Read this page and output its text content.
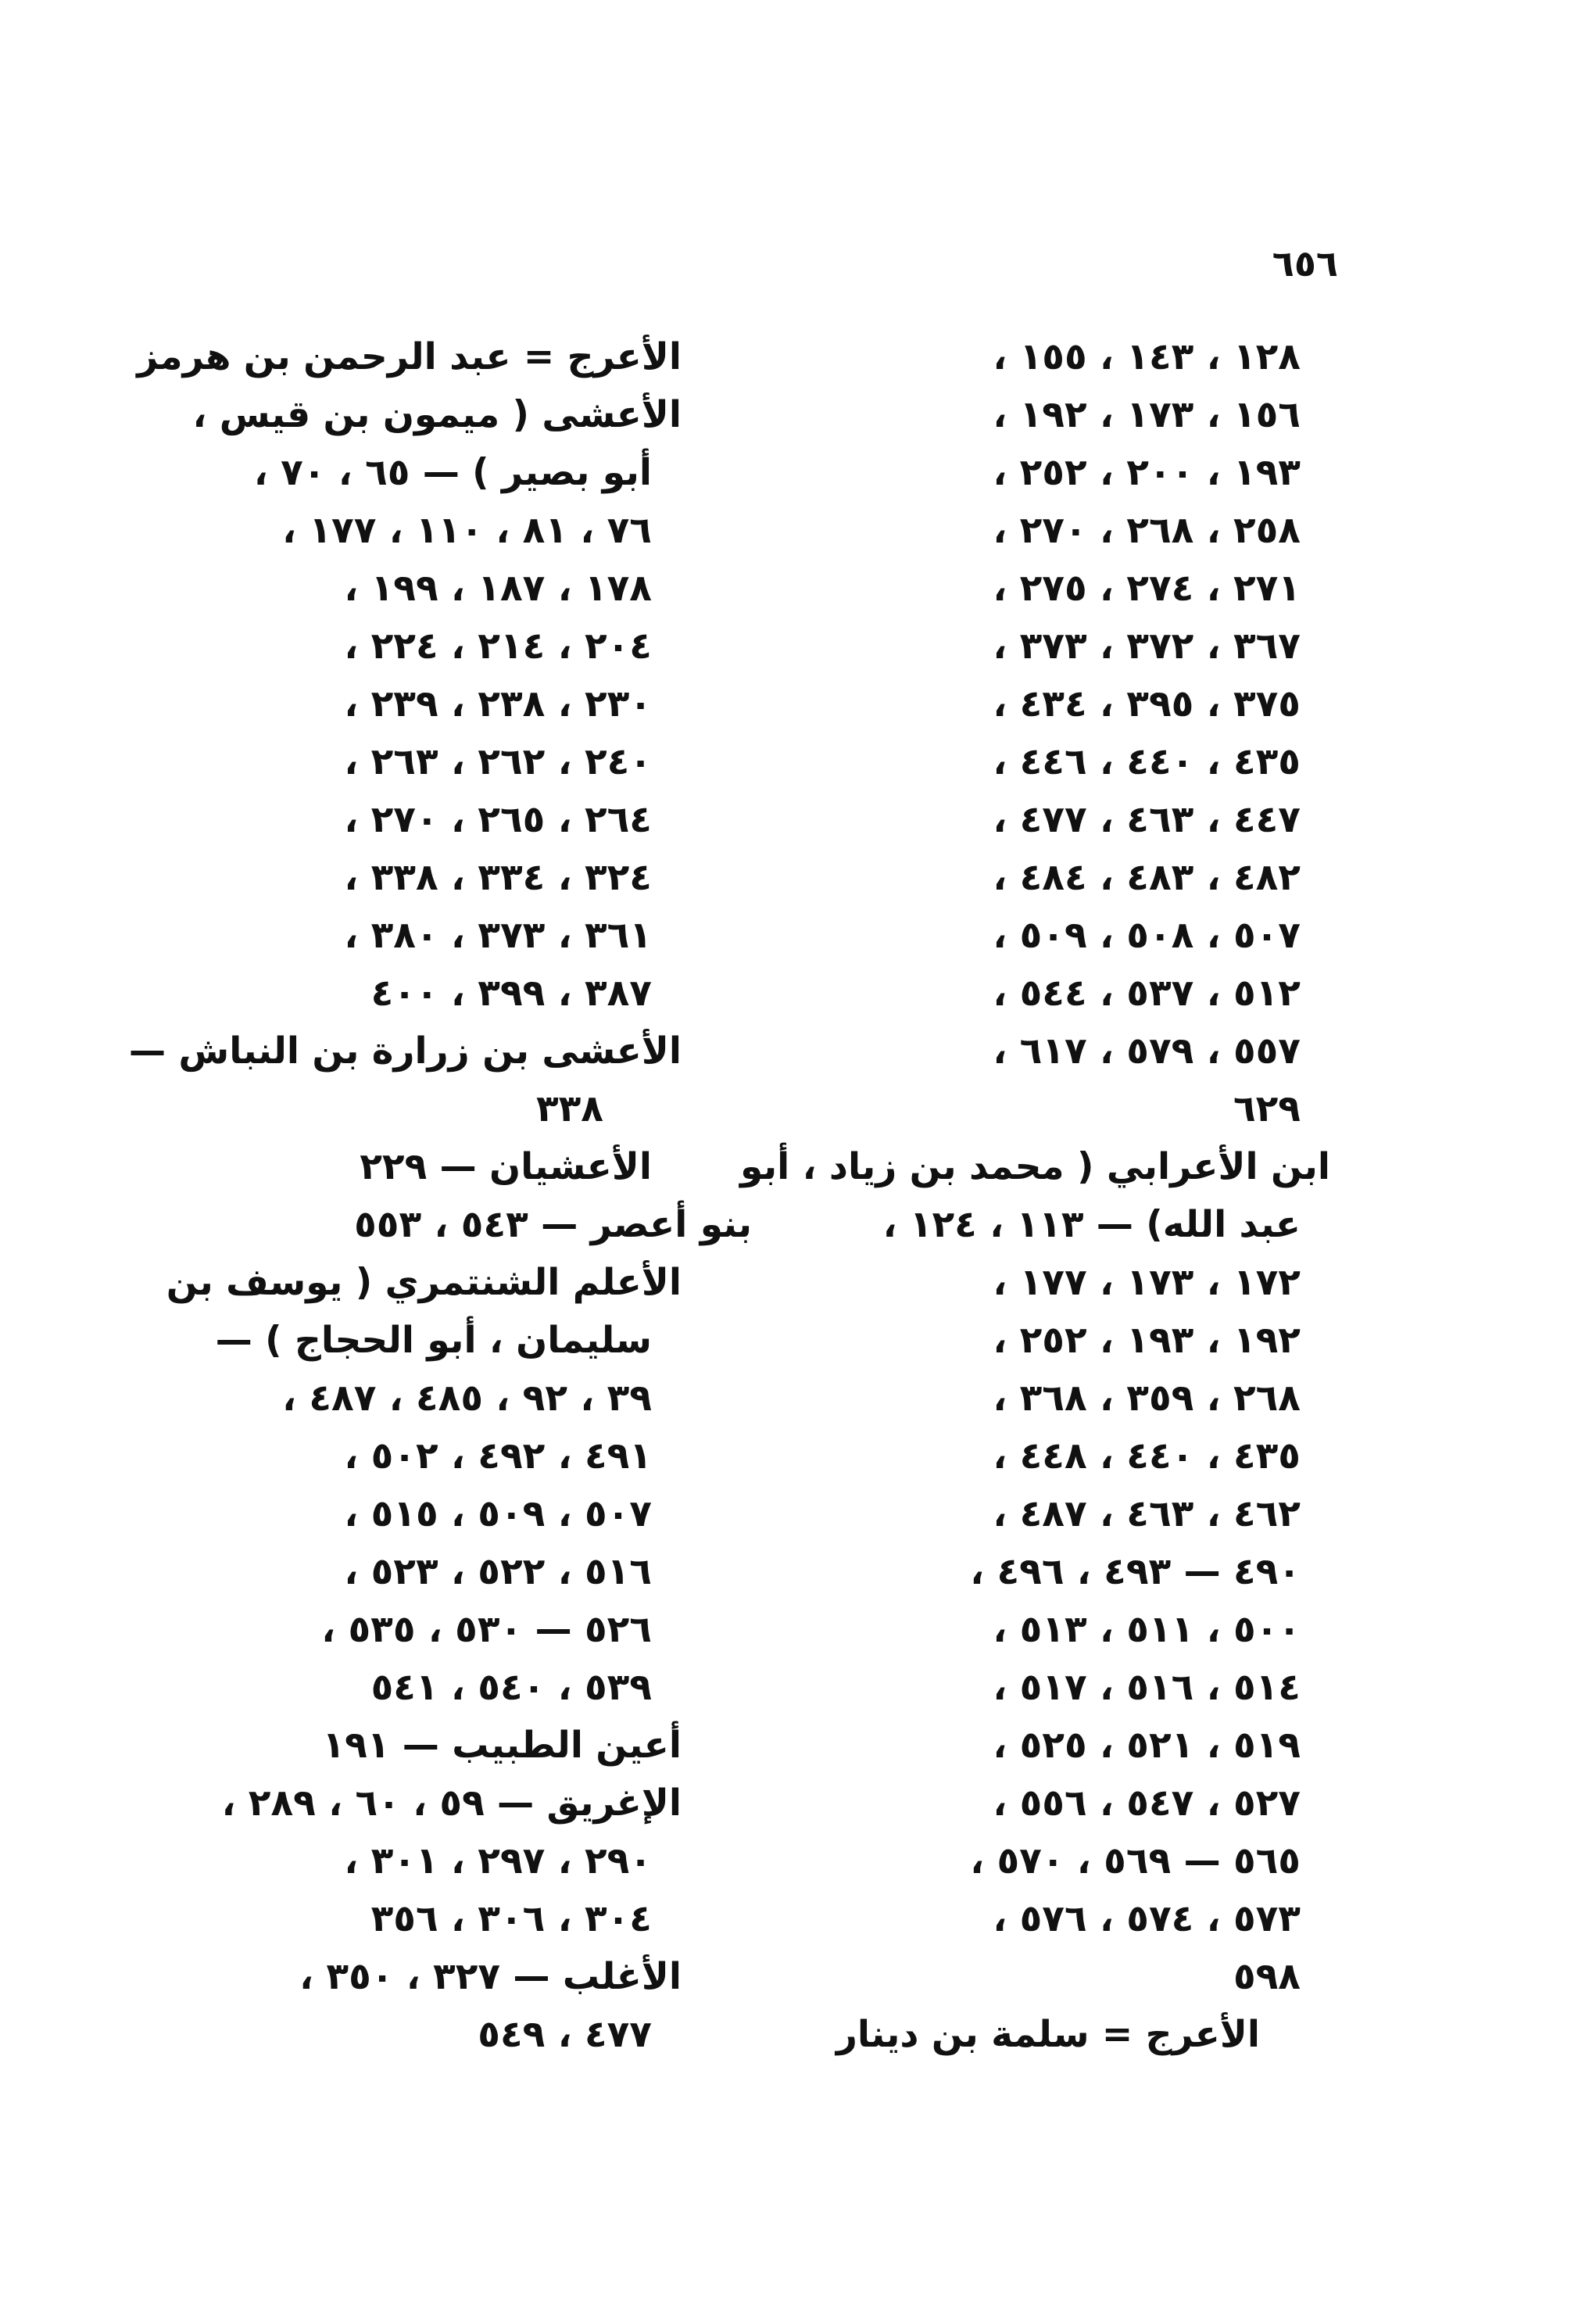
٦٥٦
١٢٨ ، ١٤٣ ، ١٥٥ ،
١٥٦ ، ١٧٣ ، ١٩٢ ،
١٩٣ ، ٢٠٠ ، ٢٥٢ ،
٢٥٨ ، ٢٦٨ ، ٢٧٠ ،
٢٧١ ، ٢٧٤ ، ٢٧٥ ،
٣٦٧ ، ٣٧٢ ، ٣٧٣ ،
٣٧٥ ، ٣٩٥ ، ٤٣٤ ،
٤٣٥ ، ٤٤٠ ، ٤٤٦ ،
٤٤٧ ، ٤٦٣ ، ٤٧٧ ،
٤٨٢ ، ٤٨٣ ، ٤٨٤ ،
٥٠٧ ، ٥٠٨ ، ٥٠٩ ،
٥١٢ ، ٥٣٧ ، ٥٤٤ ،
٥٥٧ ، ٥٧٩ ، ٦١٧ ،
٦٢٩
ابن الأعرابي ( محمد بن زياد ، أبو
عبد الله) — ١١٣ ، ١٢٤ ،
١٧٢ ، ١٧٣ ، ١٧٧ ،
١٩٢ ، ١٩٣ ، ٢٥٢ ،
٢٦٨ ، ٣٥٩ ، ٣٦٨ ،
٤٣٥ ، ٤٤٠ ، ٤٤٨ ،
٤٦٢ ، ٤٦٣ ، ٤٨٧ ،
٤٩٠ — ٤٩٣ ، ٤٩٦ ،
٥٠٠ ، ٥١١ ، ٥١٣ ،
٥١٤ ، ٥١٦ ، ٥١٧ ،
٥١٩ ، ٥٢١ ، ٥٢٥ ،
٥٢٧ ، ٥٤٧ ، ٥٥٦ ،
٥٦٥ — ٥٦٩ ، ٥٧٠ ،
٥٧٣ ، ٥٧٤ ، ٥٧٦ ،
٥٩٨
الأعرج = سلمة بن دينار
الأعرج = عبد الرحمن بن هرمز
الأعشى ( ميمون بن قيس ،
أبو بصير ) — ٦٥ ، ٧٠ ،
٧٦ ، ٨١ ، ١١٠ ، ١٧٧ ،
١٧٨ ، ١٨٧ ، ١٩٩ ،
٢٠٤ ، ٢١٤ ، ٢٢٤ ،
٢٣٠ ، ٢٣٨ ، ٢٣٩ ،
٢٤٠ ، ٢٦٢ ، ٢٦٣ ،
٢٦٤ ، ٢٦٥ ، ٢٧٠ ،
٣٢٤ ، ٣٣٤ ، ٣٣٨ ،
٣٦١ ، ٣٧٣ ، ٣٨٠ ،
٣٨٧ ، ٣٩٩ ، ٤٠٠
الأعشى بن زرارة بن النباش —
٣٣٨
الأعشيان — ٢٢٩
بنو أعصر — ٥٤٣ ، ٥٥٣
الأعلم الشنتمري ( يوسف بن
سليمان ، أبو الحجاج ) —
٣٩ ، ٩٢ ، ٤٨٥ ، ٤٨٧ ،
٤٩١ ، ٤٩٢ ، ٥٠٢ ،
٥٠٧ ، ٥٠٩ ، ٥١٥ ،
٥١٦ ، ٥٢٢ ، ٥٢٣ ،
٥٢٦ — ٥٣٠ ، ٥٣٥ ،
٥٣٩ ، ٥٤٠ ، ٥٤١
أعين الطبيب — ١٩١
الإغريق — ٥٩ ، ٦٠ ، ٢٨٩ ،
٢٩٠ ، ٢٩٧ ، ٣٠١ ،
٣٠٤ ، ٣٠٦ ، ٣٥٦
الأغلب — ٣٢٧ ، ٣٥٠ ،
٤٧٧ ، ٥٤٩
